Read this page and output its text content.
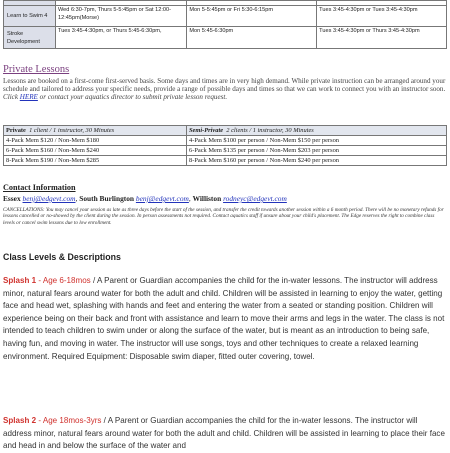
Learn to Swim 4	Wed 6:30-7pm, Thurs 5-5:45pm or Sat 12:00-12:45pm(Morse)	Mon 5-5:45pm or Fri 5:30-6:15pm	Tues 3:45-4:30pm or Tues 3:45-4:30pm
Stroke Development	Tues 3:45-4:30pm, or Thurs 5:45-6:30pm,	Mon 5:45-6:30pm	Tues 3:45-4:30pm or Thurs 3:45-4:30pm
Private Lessons
Lessons are booked on a first-come first-served basis. Some days and times are in very high demand. While private instruction can be arranged around your schedule and tailored to address your specific needs, provide a range of possible days and times so that we can work to connect you with an instructor soon. Click HERE or contact your aquatics director to submit private lesson request.
Private 1 client / 1 instructor, 30 Minutes	Semi-Private 2 clients / 1 instructor, 30 Minutes
4-Pack Mem $120 / Non-Mem $180	4-Pack Mem $100 per person / Non-Mem $150 per person
6-Pack Mem $160 / Non-Mem $240	6-Pack Mem $135 per person / Non-Mem $203 per person
8-Pack Mem $190 / Non-Mem $285	8-Pack Mem $160 per person / Non-Mem $240 per person
Contact Information
Essex benj@edgevt.com, South Burlington benj@edgevt.com, Williston rodneyc@edgevt.com
CANCELLATIONS: You may cancel your session as late as three days before the start of the session, and transfer the credit towards another session within a 6 month period. There will be no monetary refunds for lessons cancelled or no-showed by the client during the session. In person assessments not required. Contact aquatics staff if unsure about your child's placement. The Edge reserves the right to combine class levels or cancel swim lessons due to low enrollment.
Class Levels & Descriptions
Splash 1 - Age 6-18mos / A Parent or Guardian accompanies the child for the in-water lessons. The instructor will address minor, natural fears around water for both the adult and child. Children will be assisted in learning to enjoy the water, getting face and head wet, splashing with hands and feet and entering the water from a seated or standing position. Children will experience being on their back and front with assistance and learn to move their arms and legs in the water. The class is not intended to teach children to swim under or along the surface of the water, but is meant as an introduction to being safe, having fun, and moving in water. The instructor will use songs, toys and other techniques to create a relaxed learning environment. Required Equipment: Disposable swim diaper, fitted outer covering, towel.
Splash 2 - Age 18mos-3yrs / A Parent or Guardian accompanies the child for the in-water lessons. The instructor will address minor, natural fears around water for both the adult and child. Children will be assisted in learning to place their face and head in and below the surface of the water and
